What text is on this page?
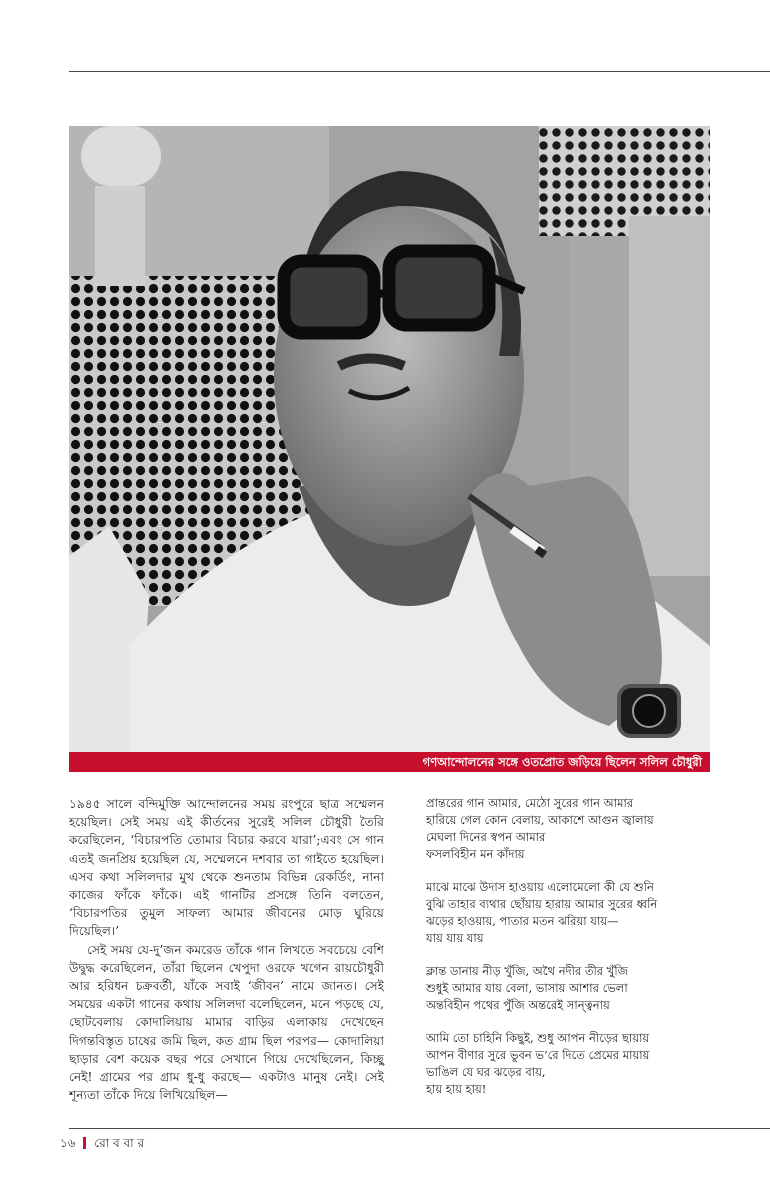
গণআন্দোলনের সঙ্গে ওতপ্রোত জড়িয়ে ছিলেন সলিল চৌধুরী

১৯৪৫ সালে বন্দিমুক্তি আন্দোলনের সময় রংপুরে ছাত্র সম্মেলন হয়েছিল। সেই সময় এই কীর্তনের সুরেই সলিল চৌধুরী তৈরি করেছিলেন, ‘বিচারপতি তোমার বিচার করবে যারা’;এবং সে গান এতই জনপ্রিয় হয়েছিল যে, সম্মেলনে দশবার তা গাইতে হয়েছিল। এসব কথা সলিলদার মুখ থেকে শুনতাম বিভিন্ন রেকর্ডিং, নানা কাজের ফাঁকে ফাঁকে। এই গানটির প্রসঙ্গে তিনি বলতেন, ‘বিচারপতির তুমুল সাফল্য আমার জীবনের মোড় ঘুরিয়ে দিয়েছিল।’

সেই সময় যে-দু’জন কমরেড তাঁকে গান লিখতে সবচেয়ে বেশি উদ্বুদ্ধ করেছিলেন, তাঁরা ছিলেন খেপুদা ওরফে খগেন রায়চৌধুরী আর হরিধন চক্রবর্তী, যাঁকে সবাই ‘জীবন’ নামে জানত। সেই সময়ের একটা গানের কথায় সলিলদা বলেছিলেন, মনে পড়ছে যে, ছোটবেলায় কোদালিয়ায় মামার বাড়ির এলাকায় দেখেছেন দিগন্তবিস্তৃত চাষের জমি ছিল, কত গ্রাম ছিল পরপর— কোদালিয়া ছাড়ার বেশ কয়েক বছর পরে সেখানে গিয়ে দেখেছিলেন, কিচ্ছু নেই! গ্রামের পর গ্রাম ধু-ধু করছে— একটাও মানুষ নেই। সেই শূন্যতা তাঁকে দিয়ে লিখিয়েছিল—

প্রান্তরের গান আমার, মেঠো সুরের গান আমার
হারিয়ে গেল কোন বেলায়, আকাশে আগুন জ্বালায়
মেঘলা দিনের স্বপন আমার
ফসলবিহীন মন কাঁদায়
মাঝে মাঝে উদাস হাওয়ায় এলোমেলো কী যে শুনি
বুঝি তাহার ব্যথার ছোঁয়ায় হারায় আমার সুরের ধ্বনি
ঝড়ের হাওয়ায়, পাতার মতন ঝরিয়া যায়—
যায় যায় যায়
ক্লান্ত ডানায় নীড় খুঁজি, অথৈ নদীর তীর খুঁজি
শুধুই আমার যায় বেলা, ভাসায় আশার ভেলা
অন্তবিহীন পথের পুঁজি অন্তরেই সান্ত্বনায়
আমি তো চাহিনি কিছুই, শুধু আপন নীড়ের ছায়ায়
আপন বীণার সুরে ভুবন ভ’রে দিতে প্রেমের মায়ায়
ভাঙিল যে ঘর ঝড়ের বায়,
হায় হায় হায়!
১৬ রো ব বা র
